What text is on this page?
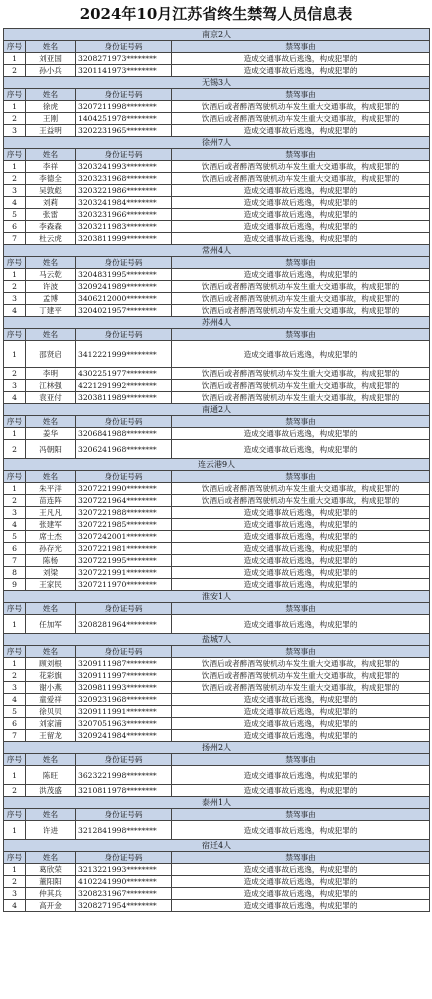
2024年10月江苏省终生禁驾人员信息表
南京2人			
序号	姓名	身份证号码	禁驾事由
1	刘亚国	3208271973********	造成交通事故后逃逸，构成犯罪的
2	孙小兵	3201141973********	造成交通事故后逃逸，构成犯罪的
无锡3人			
序号	姓名	身份证号码	禁驾事由
1	徐虎	3207211998********	饮酒后或者醉酒驾驶机动车发生重大交通事故，构成犯罪的
2	王刚	1404251978********	饮酒后或者醉酒驾驶机动车发生重大交通事故，构成犯罪的
3	王益明	3202231965********	造成交通事故后逃逸，构成犯罪的
徐州7人			
序号	姓名	身份证号码	禁驾事由
1	李祥	3203241993********	饮酒后或者醉酒驾驶机动车发生重大交通事故，构成犯罪的
2	李德全	3203231968********	饮酒后或者醉酒驾驶机动车发生重大交通事故，构成犯罪的
3	吴敦彪	3203221986********	造成交通事故后逃逸，构成犯罪的
4	刘莉	3203241984********	造成交通事故后逃逸，构成犯罪的
5	张雷	3203231966********	造成交通事故后逃逸，构成犯罪的
6	李森森	3203211983********	造成交通事故后逃逸，构成犯罪的
7	杜云虎	3203811999********	造成交通事故后逃逸，构成犯罪的
常州4人			
序号	姓名	身份证号码	禁驾事由
1	马云乾	3204831995********	造成交通事故后逃逸，构成犯罪的
2	许波	3209241989********	饮酒后或者醉酒驾驶机动车发生重大交通事故，构成犯罪的
3	孟博	3406212000********	饮酒后或者醉酒驾驶机动车发生重大交通事故，构成犯罪的
4	丁建平	3204021957********	饮酒后或者醉酒驾驶机动车发生重大交通事故，构成犯罪的
苏州4人			
序号	姓名	身份证号码	禁驾事由
1	邵贤启	3412221999********	造成交通事故后逃逸，构成犯罪的
2	李明	4302251977********	饮酒后或者醉酒驾驶机动车发生重大交通事故，构成犯罪的
3	江林强	4221291992********	饮酒后或者醉酒驾驶机动车发生重大交通事故，构成犯罪的
4	袁亚付	3203811989********	饮酒后或者醉酒驾驶机动车发生重大交通事故，构成犯罪的
南通2人			
序号	姓名	身份证号码	禁驾事由
1	姜华	3206841988********	造成交通事故后逃逸，构成犯罪的
2	冯朝阳	3206241968********	造成交通事故后逃逸，构成犯罪的
连云港9人			
序号	姓名	身份证号码	禁驾事由
1	朱平洋	3207221990********	饮酒后或者醉酒驾驶机动车发生重大交通事故，构成犯罪的
2	苗连阵	3207221964********	饮酒后或者醉酒驾驶机动车发生重大交通事故，构成犯罪的
3	王凡凡	3207221988********	造成交通事故后逃逸，构成犯罪的
4	张建军	3207221985********	造成交通事故后逃逸，构成犯罪的
5	席士杰	3207242001********	造成交通事故后逃逸，构成犯罪的
6	孙存光	3207221981********	造成交通事故后逃逸，构成犯罪的
7	陈杨	3207221995********	造成交通事故后逃逸，构成犯罪的
8	刘梁	3207221991********	造成交通事故后逃逸，构成犯罪的
9	王家民	3207211970********	造成交通事故后逃逸，构成犯罪的
淮安1人			
序号	姓名	身份证号码	禁驾事由
1	任加军	3208281964********	造成交通事故后逃逸，构成犯罪的
盐城7人			
序号	姓名	身份证号码	禁驾事由
1	顾刘根	3209111987********	饮酒后或者醉酒驾驶机动车发生重大交通事故，构成犯罪的
2	花彩旗	3209111997********	饮酒后或者醉酒驾驶机动车发生重大交通事故，构成犯罪的
3	谢小燕	3209811993********	饮酒后或者醉酒驾驶机动车发生重大交通事故，构成犯罪的
4	童爱祥	3209231968********	造成交通事故后逃逸，构成犯罪的
5	徐贝贝	3209111991********	造成交通事故后逃逸，构成犯罪的
6	刘家浦	3207051963********	造成交通事故后逃逸，构成犯罪的
7	王留龙	3209241984********	造成交通事故后逃逸，构成犯罪的
扬州2人			
序号	姓名	身份证号码	禁驾事由
1	陈旺	3623221998********	造成交通事故后逃逸，构成犯罪的
2	洪茂盛	3210811978********	造成交通事故后逃逸，构成犯罪的
泰州1人			
序号	姓名	身份证号码	禁驾事由
1	许进	3212841998********	造成交通事故后逃逸，构成犯罪的
宿迁4人			
序号	姓名	身份证号码	禁驾事由
1	葛欣荣	3213221993********	造成交通事故后逃逸，构成犯罪的
2	董阳阳	4102241990********	造成交通事故后逃逸，构成犯罪的
3	仲其兵	3208231967********	造成交通事故后逃逸，构成犯罪的
4	高开金	3208271954********	造成交通事故后逃逸，构成犯罪的
